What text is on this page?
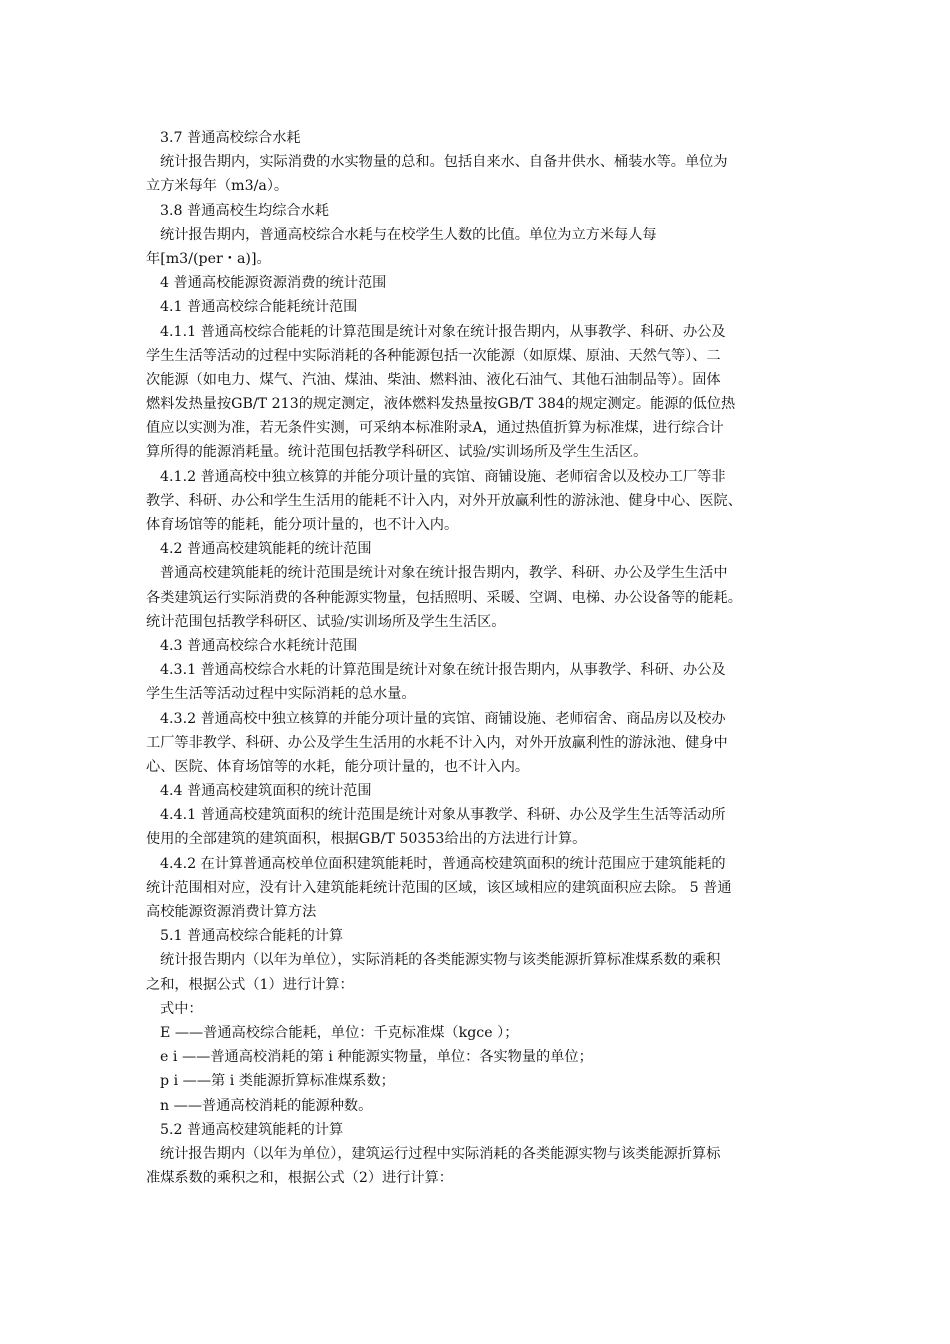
3.7 普通高校综合水耗
统计报告期内，实际消费的水实物量的总和。包括自来水、自备井供水、桶装水等。单位为
立方米每年（m3/a）。
3.8 普通高校生均综合水耗
统计报告期内，普通高校综合水耗与在校学生人数的比值。单位为立方米每人每
年[m3/(per・a)]。
4 普通高校能源资源消费的统计范围
4.1 普通高校综合能耗统计范围
4.1.1 普通高校综合能耗的计算范围是统计对象在统计报告期内，从事教学、科研、办公及
学生生活等活动的过程中实际消耗的各种能源包括一次能源（如原煤、原油、天然气等）、二
次能源（如电力、煤气、汽油、煤油、柴油、燃料油、液化石油气、其他石油制品等）。固体
燃料发热量按GB/T 213的规定测定，液体燃料发热量按GB/T 384的规定测定。能源的低位热
值应以实测为准，若无条件实测，可采纳本标准附录A，通过热值折算为标准煤，进行综合计
算所得的能源消耗量。统计范围包括教学科研区、试验/实训场所及学生生活区。
4.1.2 普通高校中独立核算的并能分项计量的宾馆、商铺设施、老师宿舍以及校办工厂等非
教学、科研、办公和学生生活用的能耗不计入内，对外开放赢利性的游泳池、健身中心、医院、
体育场馆等的能耗，能分项计量的，也不计入内。
4.2 普通高校建筑能耗的统计范围
普通高校建筑能耗的统计范围是统计对象在统计报告期内，教学、科研、办公及学生生活中
各类建筑运行实际消费的各种能源实物量，包括照明、采暖、空调、电梯、办公设备等的能耗。
统计范围包括教学科研区、试验/实训场所及学生生活区。
4.3 普通高校综合水耗统计范围
4.3.1 普通高校综合水耗的计算范围是统计对象在统计报告期内，从事教学、科研、办公及
学生生活等活动过程中实际消耗的总水量。
4.3.2 普通高校中独立核算的并能分项计量的宾馆、商铺设施、老师宿舍、商品房以及校办
工厂等非教学、科研、办公及学生生活用的水耗不计入内，对外开放赢利性的游泳池、健身中
心、医院、体育场馆等的水耗，能分项计量的，也不计入内。
4.4 普通高校建筑面积的统计范围
4.4.1 普通高校建筑面积的统计范围是统计对象从事教学、科研、办公及学生生活等活动所
使用的全部建筑的建筑面积，根据GB/T 50353给出的方法进行计算。
4.4.2 在计算普通高校单位面积建筑能耗时，普通高校建筑面积的统计范围应于建筑能耗的
统计范围相对应，没有计入建筑能耗统计范围的区域，该区域相应的建筑面积应去除。 5 普通
高校能源资源消费计算方法
5.1 普通高校综合能耗的计算
统计报告期内（以年为单位），实际消耗的各类能源实物与该类能源折算标准煤系数的乘积
之和，根据公式（1）进行计算：
式中：
E ——普通高校综合能耗，单位：千克标准煤（kgce ）；
e i ——普通高校消耗的第 i 种能源实物量，单位：各实物量的单位；
p i ——第 i 类能源折算标准煤系数；
n ——普通高校消耗的能源种数。
5.2 普通高校建筑能耗的计算
统计报告期内（以年为单位），建筑运行过程中实际消耗的各类能源实物与该类能源折算标
准煤系数的乘积之和，根据公式（2）进行计算：
